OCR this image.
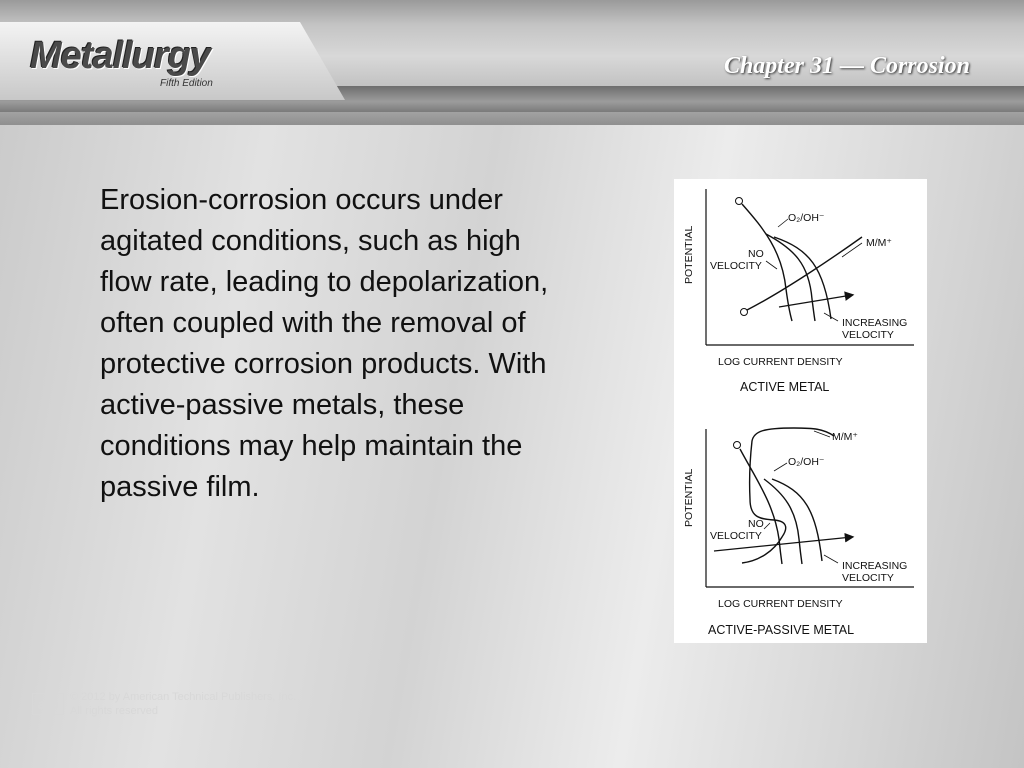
Metallurgy
Fifth Edition
Chapter 31 — Corrosion

Erosion-corrosion occurs under agitated conditions, such as high flow rate, leading to depolarization, often coupled with the removal of protective corrosion products. With active-passive metals, these conditions may help maintain the passive film.

POTENTIAL
LOG CURRENT DENSITY
ACTIVE METAL
O₂/OH⁻
M/M⁺
NO
VELOCITY
INCREASING
VELOCITY
POTENTIAL
LOG CURRENT DENSITY
ACTIVE-PASSIVE METAL
O₂/OH⁻
M/M⁺
NO
VELOCITY
INCREASING
VELOCITY
atp	© 2012 by American Technical Publishers, Inc.
All rights reserved
